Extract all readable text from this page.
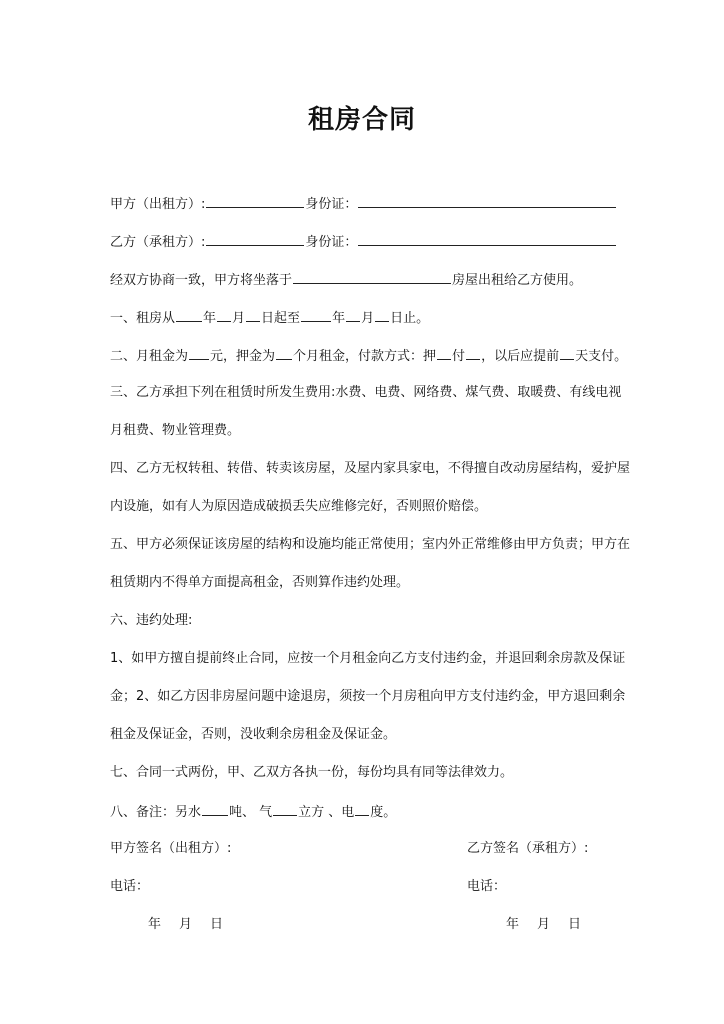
租房合同
甲方（出租方）:	身份证：
乙方（承租方）:	身份证：
经双方协商一致，甲方将坐落于	房屋出租给乙方使用。
一、租房从 年 月 日起至 年 月 日止。
二、月租金为 元，押金为 个月租金，付款方式：押 付 ，以后应提前 天支付。
三、乙方承担下列在租赁时所发生费用:水费、电费、网络费、煤气费、取暖费、有线电视
月租费、物业管理费。
四、乙方无权转租、转借、转卖该房屋，及屋内家具家电，不得擅自改动房屋结构，爱护屋
内设施，如有人为原因造成破损丢失应维修完好，否则照价赔偿。
五、甲方必须保证该房屋的结构和设施均能正常使用；室内外正常维修由甲方负责；甲方在
租赁期内不得单方面提高租金，否则算作违约处理。
六、违约处理:
1、如甲方擅自提前终止合同，应按一个月租金向乙方支付违约金，并退回剩余房款及保证
金；2、如乙方因非房屋问题中途退房，须按一个月房租向甲方支付违约金，甲方退回剩余
租金及保证金，否则，没收剩余房租金及保证金。
七、合同一式两份，甲、乙双方各执一份，每份均具有同等法律效力。
八、备注：另水 吨、 气 立方 、电 度。
甲方签名（出租方）:	乙方签名（承租方）:
电话：	电话：
年 月 日	年 月 日
